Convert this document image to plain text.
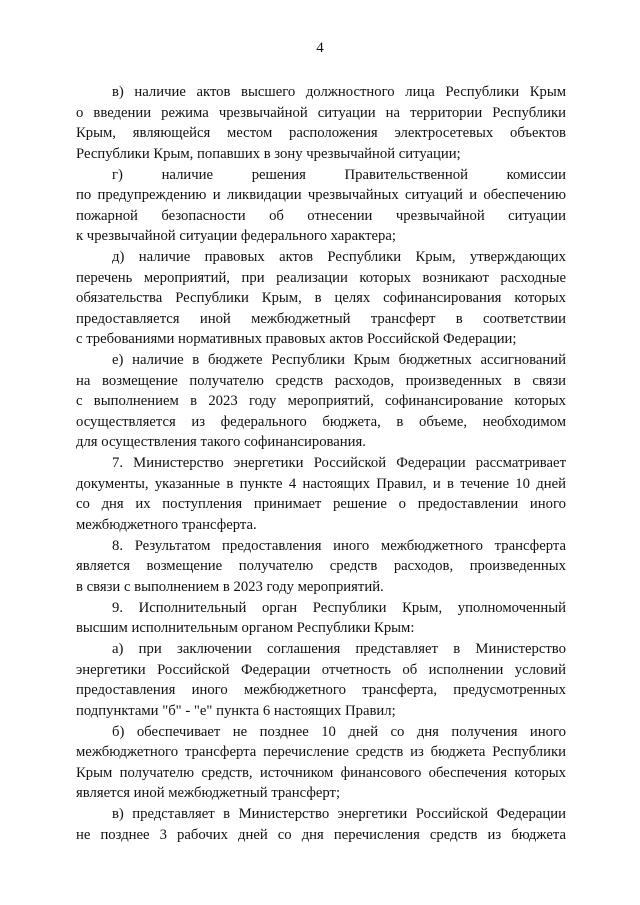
4
в) наличие актов высшего должностного лица Республики Крым
о введении режима чрезвычайной ситуации на территории Республики
Крым, являющейся местом расположения электросетевых объектов
Республики Крым, попавших в зону чрезвычайной ситуации;
г) наличие решения Правительственной комиссии
по предупреждению и ликвидации чрезвычайных ситуаций и обеспечению
пожарной безопасности об отнесении чрезвычайной ситуации
к чрезвычайной ситуации федерального характера;
д) наличие правовых актов Республики Крым, утверждающих
перечень мероприятий, при реализации которых возникают расходные
обязательства Республики Крым, в целях софинансирования которых
предоставляется иной межбюджетный трансферт в соответствии
с требованиями нормативных правовых актов Российской Федерации;
е) наличие в бюджете Республики Крым бюджетных ассигнований
на возмещение получателю средств расходов, произведенных в связи
с выполнением в 2023 году мероприятий, софинансирование которых
осуществляется из федерального бюджета, в объеме, необходимом
для осуществления такого софинансирования.
7. Министерство энергетики Российской Федерации рассматривает
документы, указанные в пункте 4 настоящих Правил, и в течение 10 дней
со дня их поступления принимает решение о предоставлении иного
межбюджетного трансферта.
8. Результатом предоставления иного межбюджетного трансферта
является возмещение получателю средств расходов, произведенных
в связи с выполнением в 2023 году мероприятий.
9. Исполнительный орган Республики Крым, уполномоченный
высшим исполнительным органом Республики Крым:
а) при заключении соглашения представляет в Министерство
энергетики Российской Федерации отчетность об исполнении условий
предоставления иного межбюджетного трансферта, предусмотренных
подпунктами "б" - "е" пункта 6 настоящих Правил;
б) обеспечивает не позднее 10 дней со дня получения иного
межбюджетного трансферта перечисление средств из бюджета Республики
Крым получателю средств, источником финансового обеспечения которых
является иной межбюджетный трансферт;
в) представляет в Министерство энергетики Российской Федерации
не позднее 3 рабочих дней со дня перечисления средств из бюджета
